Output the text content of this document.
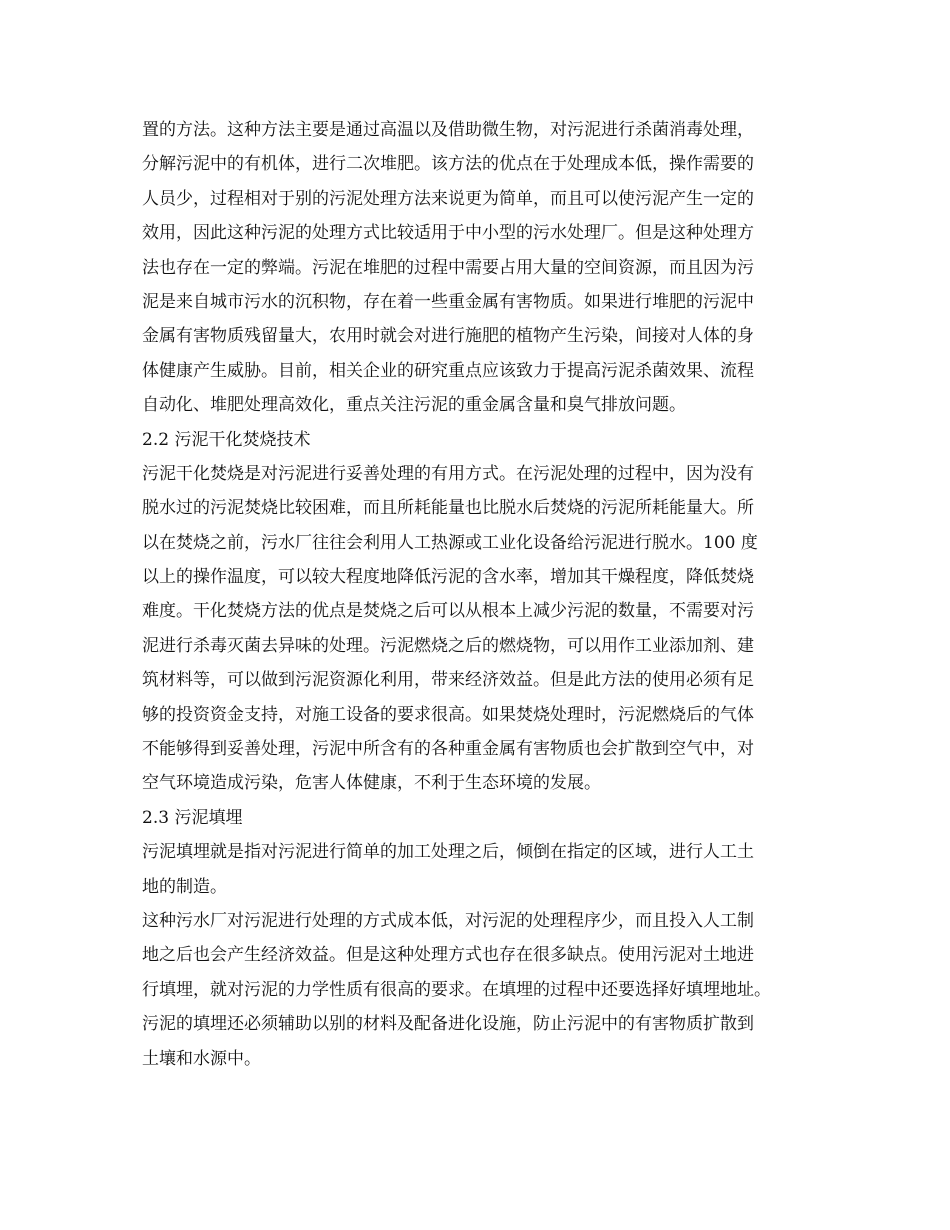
置的方法。这种方法主要是通过高温以及借助微生物，对污泥进行杀菌消毒处理，
分解污泥中的有机体，进行二次堆肥。该方法的优点在于处理成本低，操作需要的
人员少，过程相对于别的污泥处理方法来说更为简单，而且可以使污泥产生一定的
效用，因此这种污泥的处理方式比较适用于中小型的污水处理厂。但是这种处理方
法也存在一定的弊端。污泥在堆肥的过程中需要占用大量的空间资源，而且因为污
泥是来自城市污水的沉积物，存在着一些重金属有害物质。如果进行堆肥的污泥中
金属有害物质残留量大，农用时就会对进行施肥的植物产生污染，间接对人体的身
体健康产生威胁。目前，相关企业的研究重点应该致力于提高污泥杀菌效果、流程
自动化、堆肥处理高效化，重点关注污泥的重金属含量和臭气排放问题。
2.2 污泥干化焚烧技术
污泥干化焚烧是对污泥进行妥善处理的有用方式。在污泥处理的过程中，因为没有
脱水过的污泥焚烧比较困难，而且所耗能量也比脱水后焚烧的污泥所耗能量大。所
以在焚烧之前，污水厂往往会利用人工热源或工业化设备给污泥进行脱水。100 度
以上的操作温度，可以较大程度地降低污泥的含水率，增加其干燥程度，降低焚烧
难度。干化焚烧方法的优点是焚烧之后可以从根本上减少污泥的数量，不需要对污
泥进行杀毒灭菌去异味的处理。污泥燃烧之后的燃烧物，可以用作工业添加剂、建
筑材料等，可以做到污泥资源化利用，带来经济效益。但是此方法的使用必须有足
够的投资资金支持，对施工设备的要求很高。如果焚烧处理时，污泥燃烧后的气体
不能够得到妥善处理，污泥中所含有的各种重金属有害物质也会扩散到空气中，对
空气环境造成污染，危害人体健康，不利于生态环境的发展。
2.3 污泥填埋
污泥填埋就是指对污泥进行简单的加工处理之后，倾倒在指定的区域，进行人工土
地的制造。
这种污水厂对污泥进行处理的方式成本低，对污泥的处理程序少，而且投入人工制
地之后也会产生经济效益。但是这种处理方式也存在很多缺点。使用污泥对土地进
行填埋，就对污泥的力学性质有很高的要求。在填埋的过程中还要选择好填埋地址。
污泥的填埋还必须辅助以别的材料及配备进化设施，防止污泥中的有害物质扩散到
土壤和水源中。
